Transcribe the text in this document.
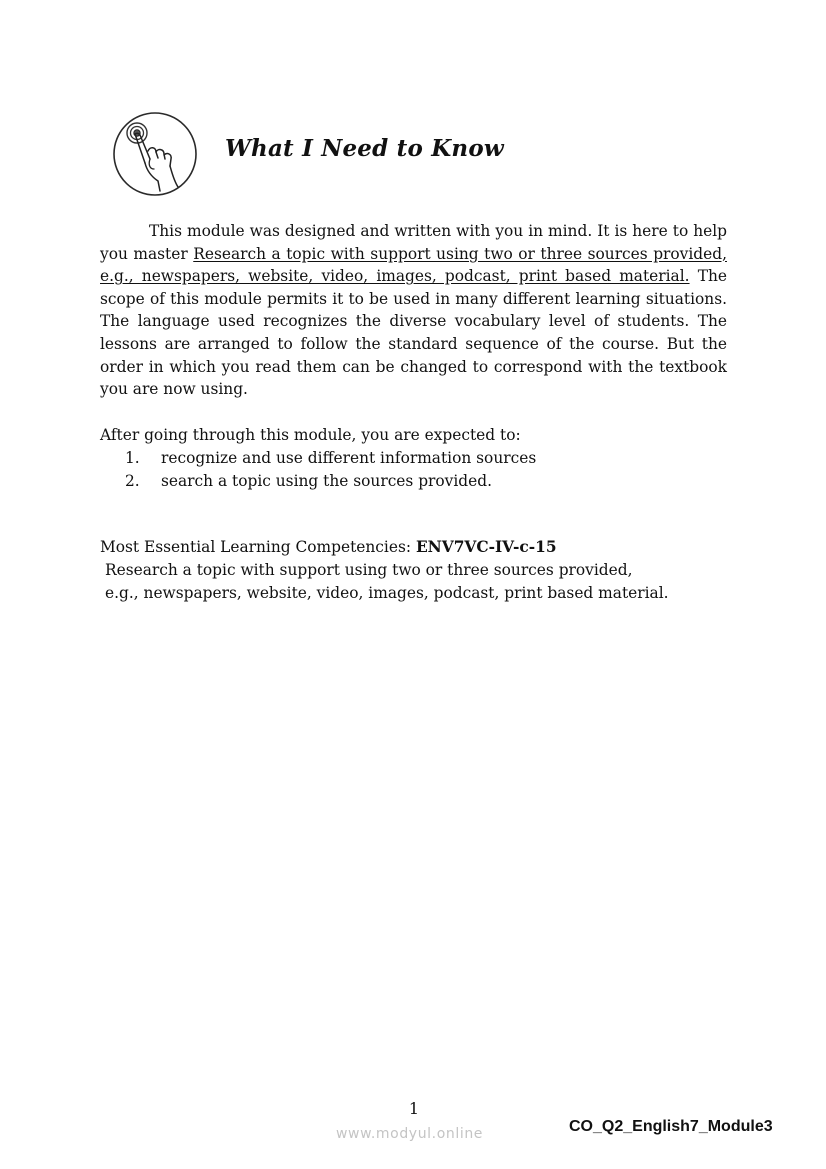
What I Need to Know

This module was designed and written with you in mind. It is here to help you master Research a topic with support using two or three sources provided, e.g., newspapers, website, video, images, podcast, print based material. The scope of this module permits it to be used in many different learning situations. The language used recognizes the diverse vocabulary level of students. The lessons are arranged to follow the standard sequence of the course. But the order in which you read them can be changed to correspond with the textbook you are now using.

After going through this module, you are expected to:

1. recognize and use different information sources
2. search a topic using the sources provided.

Most Essential Learning Competencies: ENV7VC-IV-c-15

Research a topic with support using two or three sources provided,
e.g., newspapers, website, video, images, podcast, print based material.

1
www.modyul.online	CO_Q2_English7_Module3
